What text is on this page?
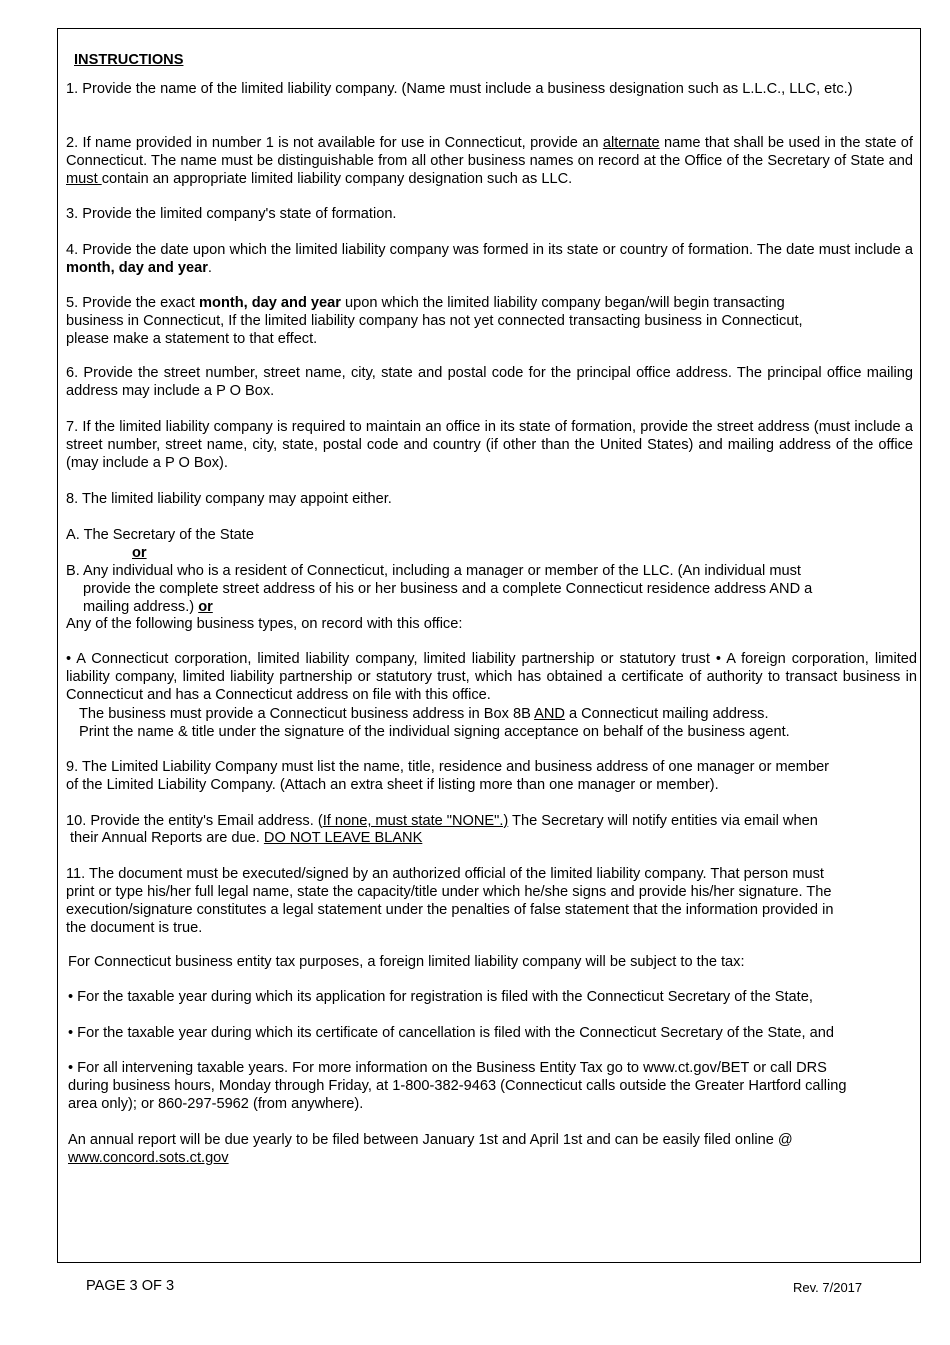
INSTRUCTIONS
1. Provide the name of the limited liability company. (Name must include a business designation such as L.L.C., LLC, etc.)
2. If name provided in number 1 is not available for use in Connecticut, provide an alternate name that shall be used in the state of Connecticut. The name must be distinguishable from all other business names on record at the Office of the Secretary of State and must contain an appropriate limited liability company designation such as LLC.
3. Provide the limited company's state of formation.
4. Provide the date upon which the limited liability company was formed in its state or country of formation. The date must include a month, day and year.
5. Provide the exact month, day and year upon which the limited liability company began/will begin transacting
business in Connecticut, If the limited liability company has not yet connected transacting business in Connecticut,
please make a statement to that effect.
6. Provide the street number, street name, city, state and postal code for the principal office address. The principal office mailing address may include a P O Box.
7. If the limited liability company is required to maintain an office in its state of formation, provide the street address (must include a street number, street name, city, state, postal code and country (if other than the United States) and mailing address of the office (may include a P O Box).
8. The limited liability company may appoint either.
A. The Secretary of the State
or
B. Any individual who is a resident of Connecticut, including a manager or member of the LLC. (An individual must
provide the complete street address of his or her business and a complete Connecticut residence address AND a
mailing address.) or
Any of the following business types, on record with this office:
• A Connecticut corporation, limited liability company, limited liability partnership or statutory trust • A foreign corporation, limited liability company, limited liability partnership or statutory trust, which has obtained a certificate of authority to transact business in Connecticut and has a Connecticut address on file with this office.
The business must provide a Connecticut business address in Box 8B AND a Connecticut mailing address.
Print the name & title under the signature of the individual signing acceptance on behalf of the business agent.
9. The Limited Liability Company must list the name, title, residence and business address of one manager or member
of the Limited Liability Company. (Attach an extra sheet if listing more than one manager or member).
10. Provide the entity's Email address. (If none, must state "NONE".) The Secretary will notify entities via email when
their Annual Reports are due. DO NOT LEAVE BLANK
11. The document must be executed/signed by an authorized official of the limited liability company. That person must
print or type his/her full legal name, state the capacity/title under which he/she signs and provide his/her signature. The
execution/signature constitutes a legal statement under the penalties of false statement that the information provided in
the document is true.
For Connecticut business entity tax purposes, a foreign limited liability company will be subject to the tax:
• For the taxable year during which its application for registration is filed with the Connecticut Secretary of the State,
• For the taxable year during which its certificate of cancellation is filed with the Connecticut Secretary of the State, and
• For all intervening taxable years. For more information on the Business Entity Tax go to www.ct.gov/BET or call DRS
during business hours, Monday through Friday, at 1-800-382-9463 (Connecticut calls outside the Greater Hartford calling
area only); or 860-297-5962 (from anywhere).
An annual report will be due yearly to be filed between January 1st and April 1st and can be easily filed online @
www.concord.sots.ct.gov
PAGE 3 OF 3	Rev. 7/2017
